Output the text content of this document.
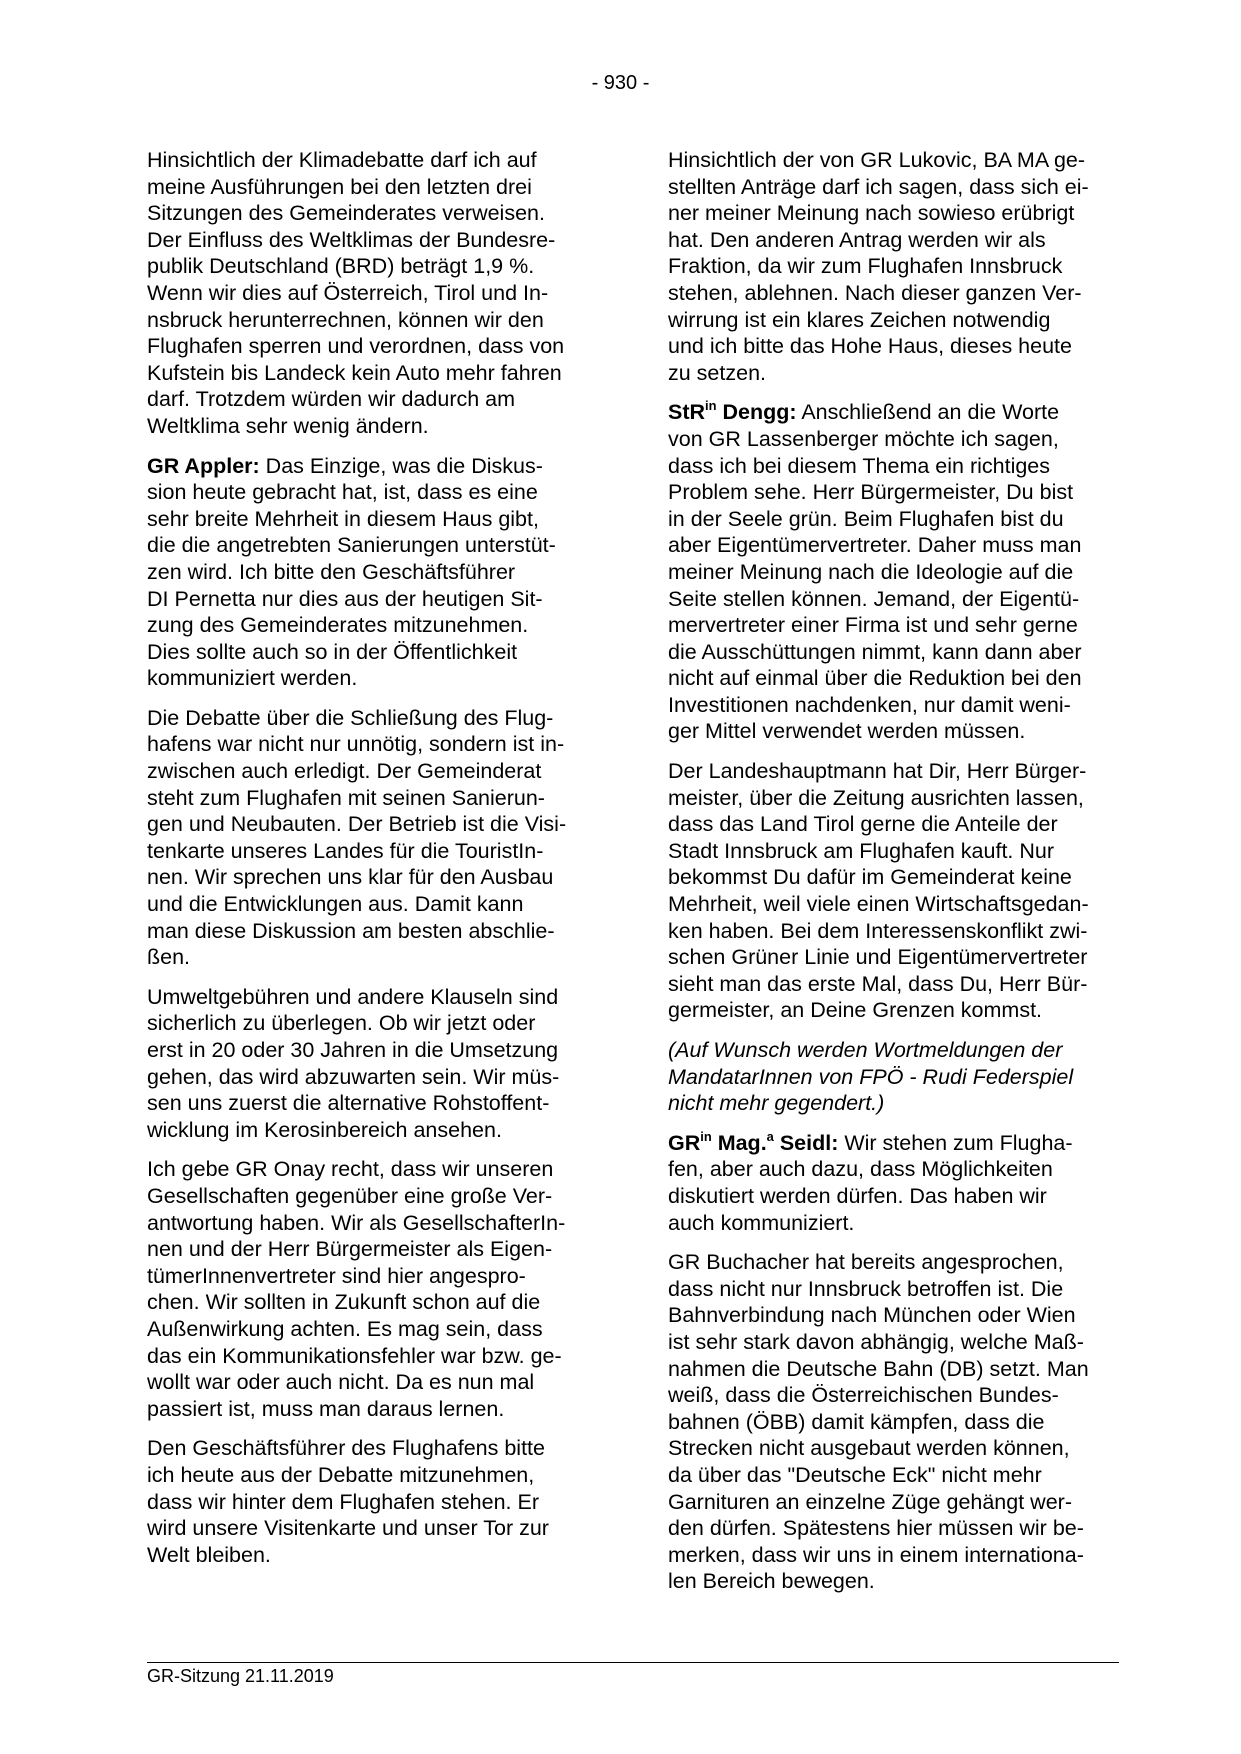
- 930 -

Hinsichtlich der Klimadebatte darf ich auf
meine Ausführungen bei den letzten drei
Sitzungen des Gemeinderates verweisen.
Der Einfluss des Weltklimas der Bundesre-
publik Deutschland (BRD) beträgt 1,9 %.
Wenn wir dies auf Österreich, Tirol und In-
nsbruck herunterrechnen, können wir den
Flughafen sperren und verordnen, dass von
Kufstein bis Landeck kein Auto mehr fahren
darf. Trotzdem würden wir dadurch am
Weltklima sehr wenig ändern.

GR Appler: Das Einzige, was die Diskus-
sion heute gebracht hat, ist, dass es eine
sehr breite Mehrheit in diesem Haus gibt,
die die angetrebten Sanierungen unterstüt-
zen wird. Ich bitte den Geschäftsführer
DI Pernetta nur dies aus der heutigen Sit-
zung des Gemeinderates mitzunehmen.
Dies sollte auch so in der Öffentlichkeit
kommuniziert werden.

Die Debatte über die Schließung des Flug-
hafens war nicht nur unnötig, sondern ist in-
zwischen auch erledigt. Der Gemeinderat
steht zum Flughafen mit seinen Sanierun-
gen und Neubauten. Der Betrieb ist die Visi-
tenkarte unseres Landes für die TouristIn-
nen. Wir sprechen uns klar für den Ausbau
und die Entwicklungen aus. Damit kann
man diese Diskussion am besten abschlie-
ßen.

Umweltgebühren und andere Klauseln sind
sicherlich zu überlegen. Ob wir jetzt oder
erst in 20 oder 30 Jahren in die Umsetzung
gehen, das wird abzuwarten sein. Wir müs-
sen uns zuerst die alternative Rohstoffent-
wicklung im Kerosinbereich ansehen.

Ich gebe GR Onay recht, dass wir unseren
Gesellschaften gegenüber eine große Ver-
antwortung haben. Wir als GesellschafterIn-
nen und der Herr Bürgermeister als Eigen-
tümerInnenvertreter sind hier angespro-
chen. Wir sollten in Zukunft schon auf die
Außenwirkung achten. Es mag sein, dass
das ein Kommunikationsfehler war bzw. ge-
wollt war oder auch nicht. Da es nun mal
passiert ist, muss man daraus lernen.

Den Geschäftsführer des Flughafens bitte
ich heute aus der Debatte mitzunehmen,
dass wir hinter dem Flughafen stehen. Er
wird unsere Visitenkarte und unser Tor zur
Welt bleiben.

Hinsichtlich der von GR Lukovic, BA MA ge-
stellten Anträge darf ich sagen, dass sich ei-
ner meiner Meinung nach sowieso erübrigt
hat. Den anderen Antrag werden wir als
Fraktion, da wir zum Flughafen Innsbruck
stehen, ablehnen. Nach dieser ganzen Ver-
wirrung ist ein klares Zeichen notwendig
und ich bitte das Hohe Haus, dieses heute
zu setzen.

StR$^{in}$ Dengg: Anschließend an die Worte
von GR Lassenberger möchte ich sagen,
dass ich bei diesem Thema ein richtiges
Problem sehe. Herr Bürgermeister, Du bist
in der Seele grün. Beim Flughafen bist du
aber Eigentümervertreter. Daher muss man
meiner Meinung nach die Ideologie auf die
Seite stellen können. Jemand, der Eigentü-
mervertreter einer Firma ist und sehr gerne
die Ausschüttungen nimmt, kann dann aber
nicht auf einmal über die Reduktion bei den
Investitionen nachdenken, nur damit weni-
ger Mittel verwendet werden müssen.

Der Landeshauptmann hat Dir, Herr Bürger-
meister, über die Zeitung ausrichten lassen,
dass das Land Tirol gerne die Anteile der
Stadt Innsbruck am Flughafen kauft. Nur
bekommst Du dafür im Gemeinderat keine
Mehrheit, weil viele einen Wirtschaftsgedan-
ken haben. Bei dem Interessenskonflikt zwi-
schen Grüner Linie und Eigentümervertreter
sieht man das erste Mal, dass Du, Herr Bür-
germeister, an Deine Grenzen kommst.

(Auf Wunsch werden Wortmeldungen der
MandatarInnen von FPÖ - Rudi Federspiel
nicht mehr gegendert.)

$GR^{in}$ Mag.$^a$ Seidl: Wir stehen zum Flugha-
fen, aber auch dazu, dass Möglichkeiten
diskutiert werden dürfen. Das haben wir
auch kommuniziert.

GR Buchacher hat bereits angesprochen,
dass nicht nur Innsbruck betroffen ist. Die
Bahnverbindung nach München oder Wien
ist sehr stark davon abhängig, welche Maß-
nahmen die Deutsche Bahn (DB) setzt. Man
weiß, dass die Österreichischen Bundes-
bahnen (ÖBB) damit kämpfen, dass die
Strecken nicht ausgebaut werden können,
da über das "Deutsche Eck" nicht mehr
Garnituren an einzelne Züge gehängt wer-
den dürfen. Spätestens hier müssen wir be-
merken, dass wir uns in einem internationa-
len Bereich bewegen.

GR-Sitzung 21.11.2019
